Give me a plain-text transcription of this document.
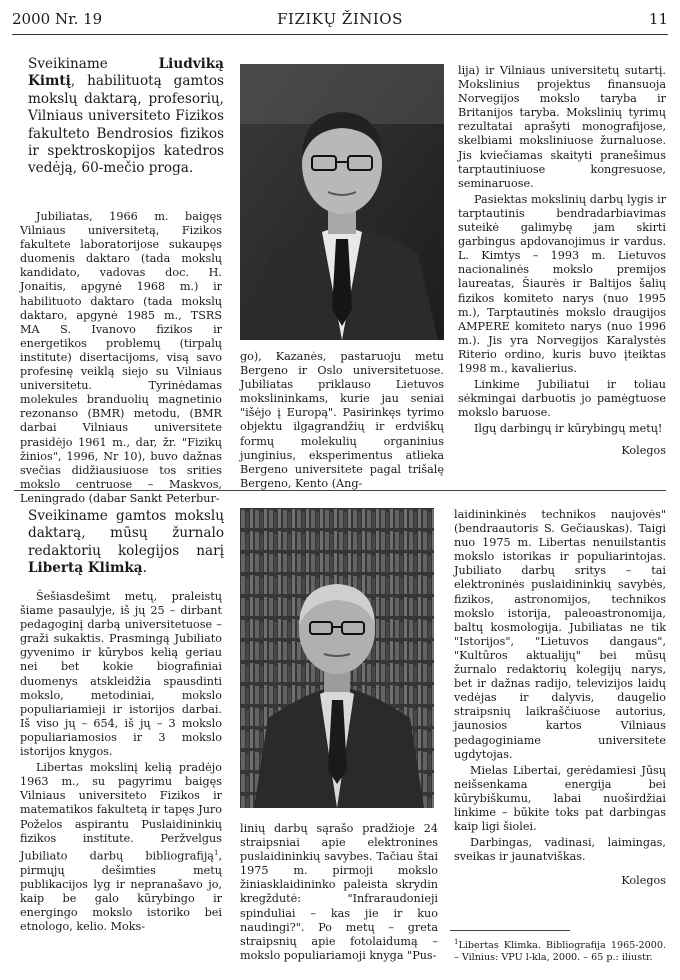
2000 Nr. 19	FIZIKŲ ŽINIOS	11
Sveikiname Liudviką Kimtį, habilituotą gamtos mokslų daktarą, profesorių, Vilniaus universiteto Fizikos fakulteto Bendrosios fizikos ir spektroskopijos katedros vedėją, 60-mečio proga.

Jubiliatas, 1966 m. baigęs Vilniaus universitetą, Fizikos fakultete laboratorijose sukaupęs duomenis daktaro (tada mokslų kandidato, vadovas doc. H. Jonaitis, apgynė 1968 m.) ir habilituoto daktaro (tada mokslų daktaro, apgynė 1985 m., TSRS MA S. Ivanovo fizikos ir energetikos problemų (tirpalų institute) disertacijoms, visą savo profesinę veiklą siejo su Vilniaus universitetu. Tyrinėdamas molekules branduolių magnetinio rezonanso (BMR) metodu, (BMR darbai Vilniaus universitete prasidėjo 1961 m., dar, žr. "Fizikų žinios", 1996, Nr 10), buvo dažnas svečias didžiausiuose tos srities mokslo centruose – Maskvos, Leningrado (dabar Sankt Peterbur-

go), Kazanės, pastaruoju metu Bergeno ir Oslo universitetuose. Jubiliatas priklauso Lietuvos mokslininkams, kurie jau seniai "išėjo į Europą". Pasirinkęs tyrimo objektu ilgagrandžių ir erdviškų formų molekulių organinius junginius, eksperimentus atlieka Bergeno universitete pagal trišalę Bergeno, Kento (Ang-

lija) ir Vilniaus universitetų sutartį. Mokslinius projektus finansuoja Norvegijos mokslo taryba ir Britanijos taryba. Mokslinių tyrimų rezultatai aprašyti monografijose, skelbiami moksliniuose žurnaluose. Jis kviečiamas skaityti pranešimus tarptautiniuose kongresuose, seminaruose.

Pasiektas mokslinių darbų lygis ir tarptautinis bendradarbiavimas suteikė galimybę jam skirti garbingus apdovanojimus ir vardus. L. Kimtys – 1993 m. Lietuvos nacionalinės mokslo premijos laureatas, Šiaurės ir Baltijos šalių fizikos komiteto narys (nuo 1995 m.), Tarptautinės mokslo draugijos AMPERE komiteto narys (nuo 1996 m.). Jis yra Norvegijos Karalystės Riterio ordino, kuris buvo įteiktas 1998 m., kavalierius.

Linkime Jubiliatui ir toliau sėkmingai darbuotis jo pamėgtuose mokslo baruose.

Ilgų darbingų ir kūrybingų metų!

Kolegos

Sveikiname gamtos mokslų daktarą, mūsų žurnalo redaktorių kolegijos narį Libertą Klimką.

Šešiasdešimt metų, praleistų šiame pasaulyje, iš jų 25 – dirbant pedagoginį darbą universitetuose – graži sukaktis. Prasmingą Jubiliato gyvenimo ir kūrybos kelią geriau nei bet kokie biografiniai duomenys atskleidžia spausdinti mokslo, metodiniai, mokslo populiariamieji ir istorijos darbai. Iš viso jų – 654, iš jų – 3 mokslo populiariamosios ir 3 mokslo istorijos knygos.

Libertas mokslinį kelią pradėjo 1963 m., su pagyrimu baigęs Vilniaus universiteto Fizikos ir matematikos fakultetą ir tapęs Juro Poželos aspirantu Puslaidininkių fizikos institute. Peržvelgus Jubiliato darbų bibliografiją$^1$, pirmųjų dešimties metų publikacijos lyg ir nepranašavo jo, kaip be galo kūrybingo ir energingo mokslo istoriko bei etnologo, kelio. Moks-

linių darbų sąrašo pradžioje 24 straipsniai apie elektronines puslaidininkių savybes. Tačiau štai 1975 m. pirmoji mokslo žiniasklaidininko paleista skrydin kregždutė: "Infraraudonieji spinduliai – kas jie ir kuo naudingi?". Po metų – greta straipsnių apie fotolaidumą – mokslo populiariamoji knyga "Pus-

laidininkinės technikos naujovės" (bendraautoris S. Gečiauskas). Taigi nuo 1975 m. Libertas nenuilstantis mokslo istorikas ir populiarintojas. Jubiliato darbų sritys – tai elektroninės puslaidininkių savybės, fizikos, astronomijos, technikos mokslo istorija, paleoastronomija, baltų kosmologija. Jubiliatas ne tik "Istorijos", "Lietuvos dangaus", "Kultūros aktualijų" bei mūsų žurnalo redaktorių kolegijų narys, bet ir dažnas radijo, televizijos laidų vedėjas ir dalyvis, daugelio straipsnių laikraščiuose autorius, jaunosios kartos Vilniaus pedagoginiame universitete ugdytojas.

Mielas Libertai, gerėdamiesi Jūsų neišsenkama energija bei kūrybiškumu, labai nuoširdžiai linkime – būkite toks pat darbingas kaip ligi šiolei.

Darbingas, vadinasi, laimingas, sveikas ir jaunatviškas.

Kolegos

$^1$Libertas Klimka. Bibliografija 1965-2000. – Vilnius: VPU l-kla, 2000. – 65 p.: iliustr.
